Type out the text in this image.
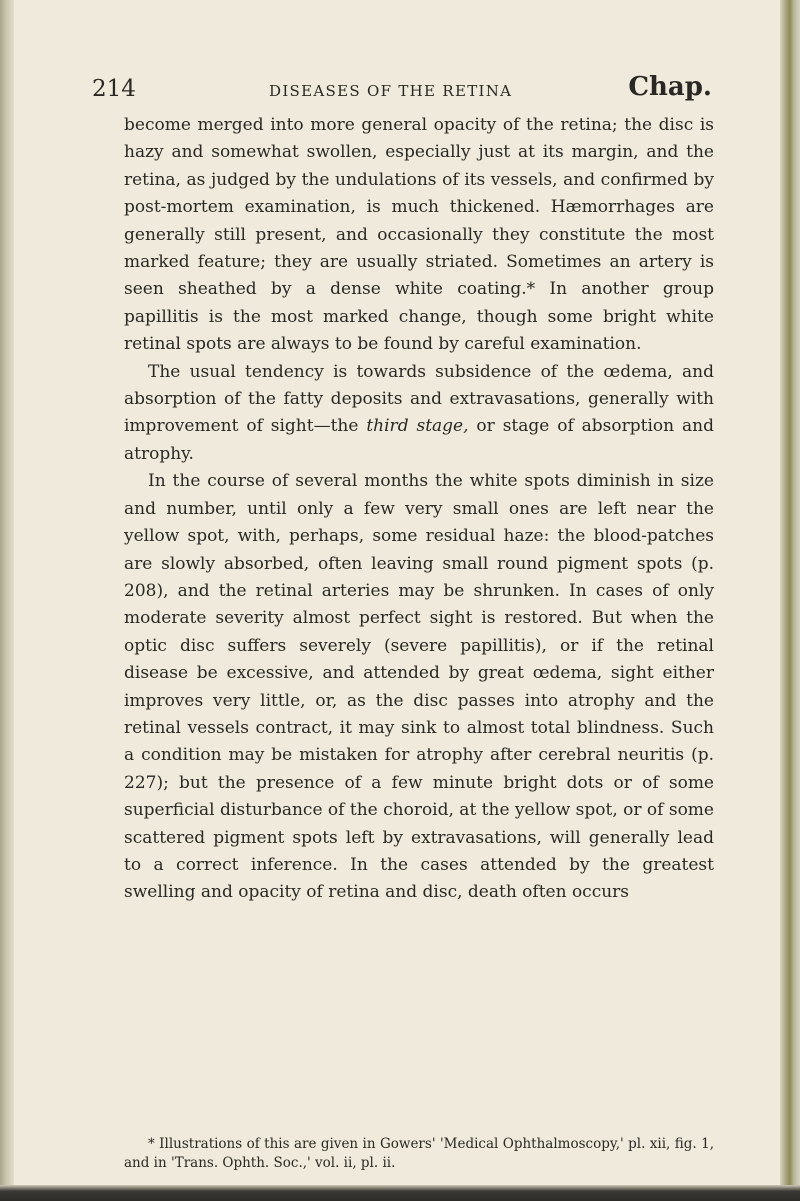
214	DISEASES OF THE RETINA	Chap.

become merged into more general opacity of the retina; the disc is hazy and somewhat swollen, especially just at its margin, and the retina, as judged by the undulations of its vessels, and confirmed by post-mortem examination, is much thickened. Hæmorrhages are generally still present, and occasionally they constitute the most marked feature; they are usually striated. Sometimes an artery is seen sheathed by a dense white coating.* In another group papillitis is the most marked change, though some bright white retinal spots are always to be found by careful examination.

The usual tendency is towards subsidence of the œdema, and absorption of the fatty deposits and extravasations, generally with improvement of sight—the third stage, or stage of absorption and atrophy.

In the course of several months the white spots diminish in size and number, until only a few very small ones are left near the yellow spot, with, perhaps, some residual haze: the blood-patches are slowly absorbed, often leaving small round pigment spots (p. 208), and the retinal arteries may be shrunken. In cases of only moderate severity almost perfect sight is restored. But when the optic disc suffers severely (severe papillitis), or if the retinal disease be excessive, and attended by great œdema, sight either improves very little, or, as the disc passes into atrophy and the retinal vessels contract, it may sink to almost total blindness. Such a condition may be mistaken for atrophy after cerebral neuritis (p. 227); but the presence of a few minute bright dots or of some superficial disturbance of the choroid, at the yellow spot, or of some scattered pigment spots left by extravasations, will generally lead to a correct inference. In the cases attended by the greatest swelling and opacity of retina and disc, death often occurs

* Illustrations of this are given in Gowers' 'Medical Ophthalmoscopy,' pl. xii, fig. 1, and in 'Trans. Ophth. Soc.,' vol. ii, pl. ii.
